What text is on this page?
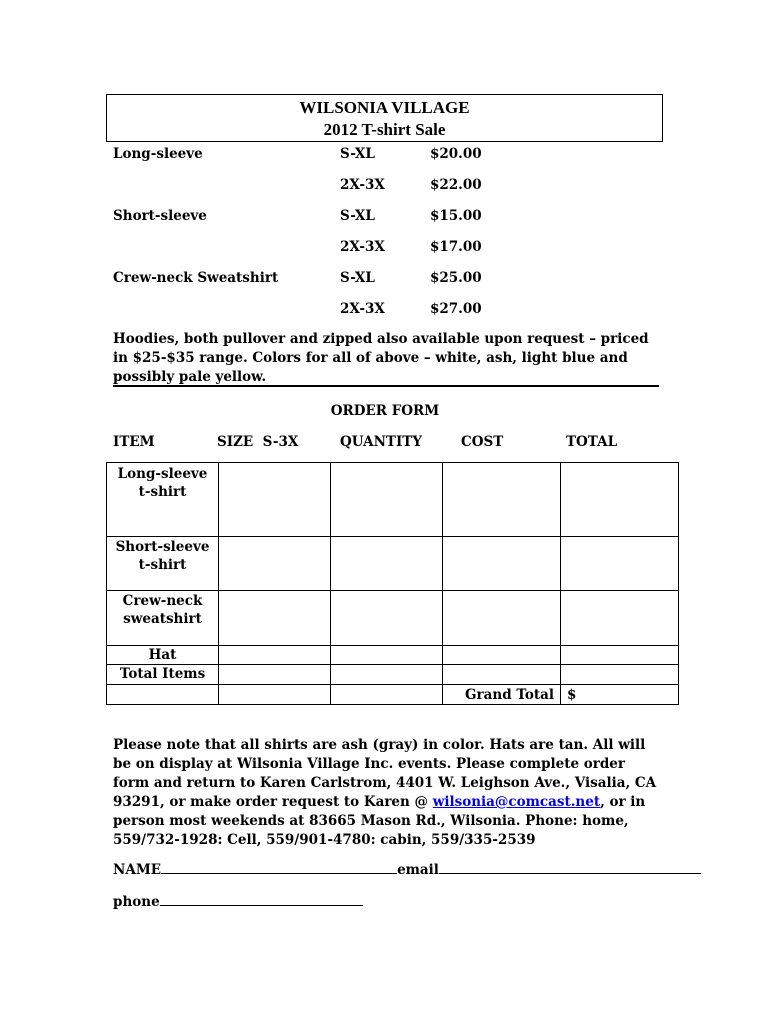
WILSONIA VILLAGE
2012 T-shirt Sale
Long-sleeve	S-XL	$20.00
2X-3X	$22.00
Short-sleeve	S-XL	$15.00
2X-3X	$17.00
Crew-neck Sweatshirt	S-XL	$25.00
2X-3X	$27.00
Hoodies, both pullover and zipped also available upon request – priced in $25-$35 range. Colors for all of above – white, ash, light blue and possibly pale yellow.
ORDER FORM
ITEM	SIZE  S-3X	QUANTITY	COST	TOTAL
Long-sleeve
t-shirt				

Short-sleeve
t-shirt				

Crew-neck
sweatshirt				

Hat				

Total Items				

			Grand Total	$
Please note that all shirts are ash (gray) in color. Hats are tan. All will be on display at Wilsonia Village Inc. events. Please complete order form and return to Karen Carlstrom, 4401 W. Leighson Ave., Visalia, CA 93291, or make order request to Karen @ wilsonia@comcast.net, or in person most weekends at 83665 Mason Rd., Wilsonia. Phone: home, 559/732-1928: Cell, 559/901-4780: cabin, 559/335-2539
NAME	email
phone
